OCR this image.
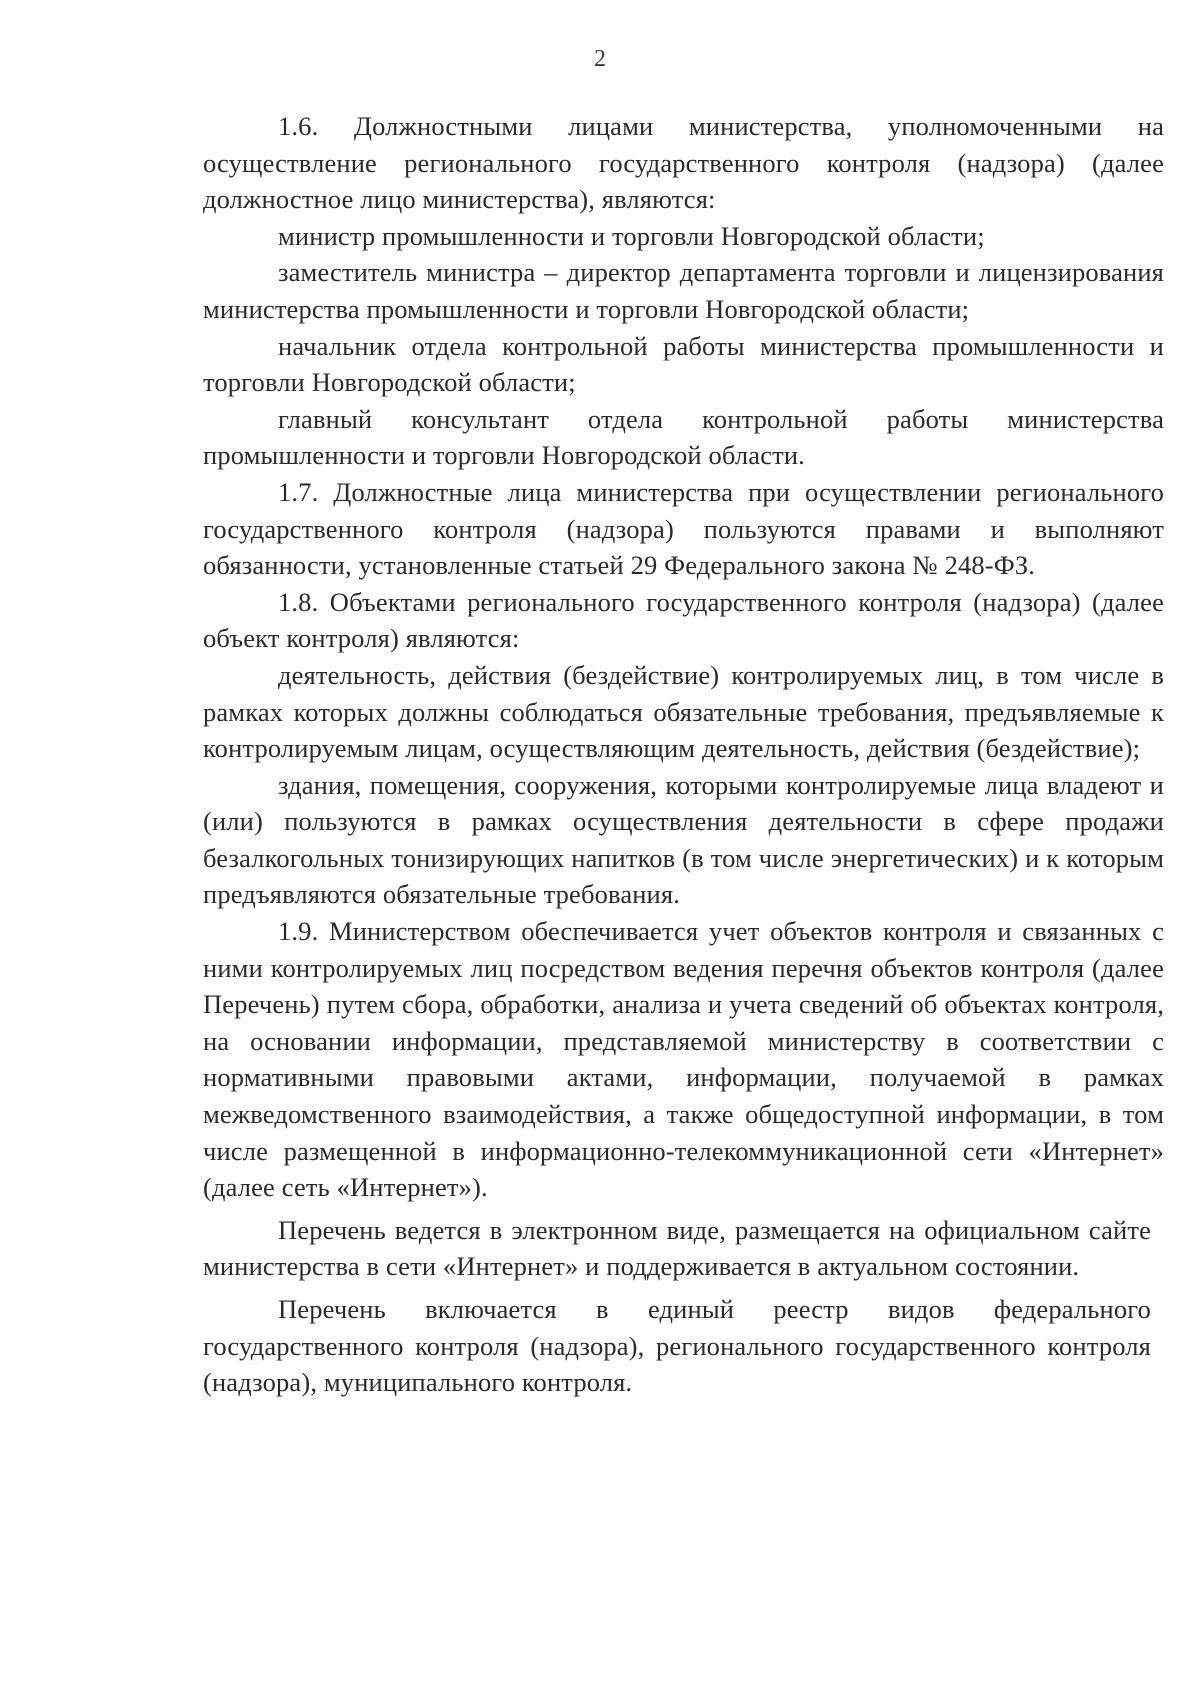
2

1.6. Должностными лицами министерства, уполномоченными на осуществление регионального государственного контроля (надзора) (далее должностное лицо министерства), являются:

министр промышленности и торговли Новгородской области;

заместитель министра – директор департамента торговли и лицензирования министерства промышленности и торговли Новгородской области;

начальник отдела контрольной работы министерства промышленности и торговли Новгородской области;

главный консультант отдела контрольной работы министерства промышленности и торговли Новгородской области.

1.7. Должностные лица министерства при осуществлении регионального государственного контроля (надзора) пользуются правами и выполняют обязанности, установленные статьей 29 Федерального закона № 248-ФЗ.

1.8. Объектами регионального государственного контроля (надзора) (далее объект контроля) являются:

деятельность, действия (бездействие) контролируемых лиц, в том числе в рамках которых должны соблюдаться обязательные требования, предъявляемые к контролируемым лицам, осуществляющим деятельность, действия (бездействие);

здания, помещения, сооружения, которыми контролируемые лица владеют и (или) пользуются в рамках осуществления деятельности в сфере продажи безалкогольных тонизирующих напитков (в том числе энергетических) и к которым предъявляются обязательные требования.

1.9. Министерством обеспечивается учет объектов контроля и связанных с ними контролируемых лиц посредством ведения перечня объектов контроля (далее Перечень) путем сбора, обработки, анализа и учета сведений об объектах контроля, на основании информации, представляемой министерству в соответствии с нормативными правовыми актами, информации, получаемой в рамках межведомственного взаимодействия, а также общедоступной информации, в том числе размещенной в информационно-телекоммуникационной сети «Интернет» (далее сеть «Интернет»).

Перечень ведется в электронном виде, размещается на официальном сайте министерства в сети «Интернет» и поддерживается в актуальном состоянии.

Перечень включается в единый реестр видов федерального государственного контроля (надзора), регионального государственного контроля (надзора), муниципального контроля.
